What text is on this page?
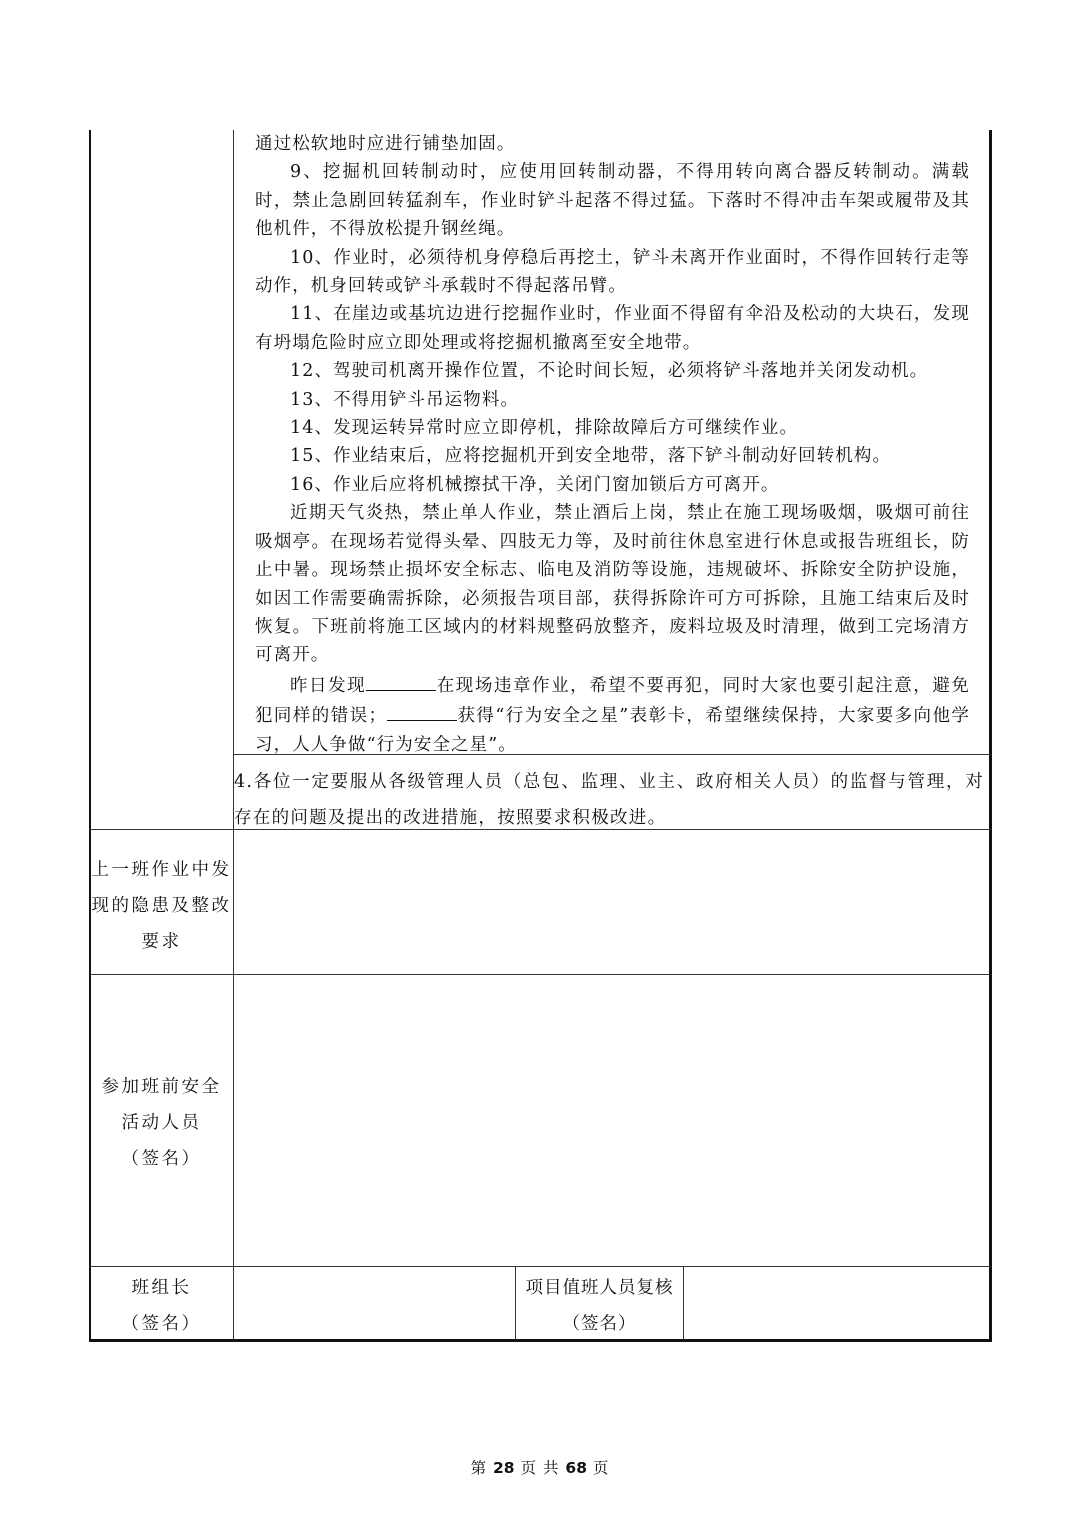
通过松软地时应进行铺垫加固。

9、挖掘机回转制动时，应使用回转制动器，不得用转向离合器反转制动。满载时，禁止急剧回转猛刹车，作业时铲斗起落不得过猛。下落时不得冲击车架或履带及其他机件，不得放松提升钢丝绳。

10、作业时，必须待机身停稳后再挖土，铲斗未离开作业面时，不得作回转行走等动作，机身回转或铲斗承载时不得起落吊臂。

11、在崖边或基坑边进行挖掘作业时，作业面不得留有伞沿及松动的大块石，发现有坍塌危险时应立即处理或将挖掘机撤离至安全地带。

12、驾驶司机离开操作位置，不论时间长短，必须将铲斗落地并关闭发动机。

13、不得用铲斗吊运物料。

14、发现运转异常时应立即停机，排除故障后方可继续作业。

15、作业结束后，应将挖掘机开到安全地带，落下铲斗制动好回转机构。

16、作业后应将机械擦拭干净，关闭门窗加锁后方可离开。

近期天气炎热，禁止单人作业，禁止酒后上岗，禁止在施工现场吸烟，吸烟可前往吸烟亭。在现场若觉得头晕、四肢无力等，及时前往休息室进行休息或报告班组长，防止中暑。现场禁止损坏安全标志、临电及消防等设施，违规破坏、拆除安全防护设施，如因工作需要确需拆除，必须报告项目部，获得拆除许可方可拆除，且施工结束后及时恢复。下班前将施工区域内的材料规整码放整齐，废料垃圾及时清理，做到工完场清方可离开。

昨日发现	在现场违章作业，希望不要再犯，同时大家也要引起注意，避免犯同样的错误；	获得“行为安全之星”表彰卡，希望继续保持，大家要多向他学习，人人争做“行为安全之星”。

4.各位一定要服从各级管理人员（总包、监理、业主、政府相关人员）的监督与管理，对存在的问题及提出的改进措施，按照要求积极改进。

上一班作业中发
现的隐患及整改
要求
参加班前安全
活动人员
（签名）
班组长
（签名）
项目值班人员复核
（签名）
第 28 页 共 68 页
